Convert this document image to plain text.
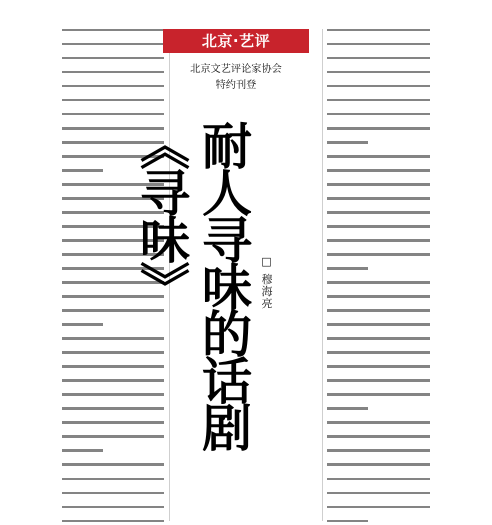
北京·艺评
北京文艺评论家协会
特约刊登
耐人寻味的话剧《寻味》	□ 穆海亮
